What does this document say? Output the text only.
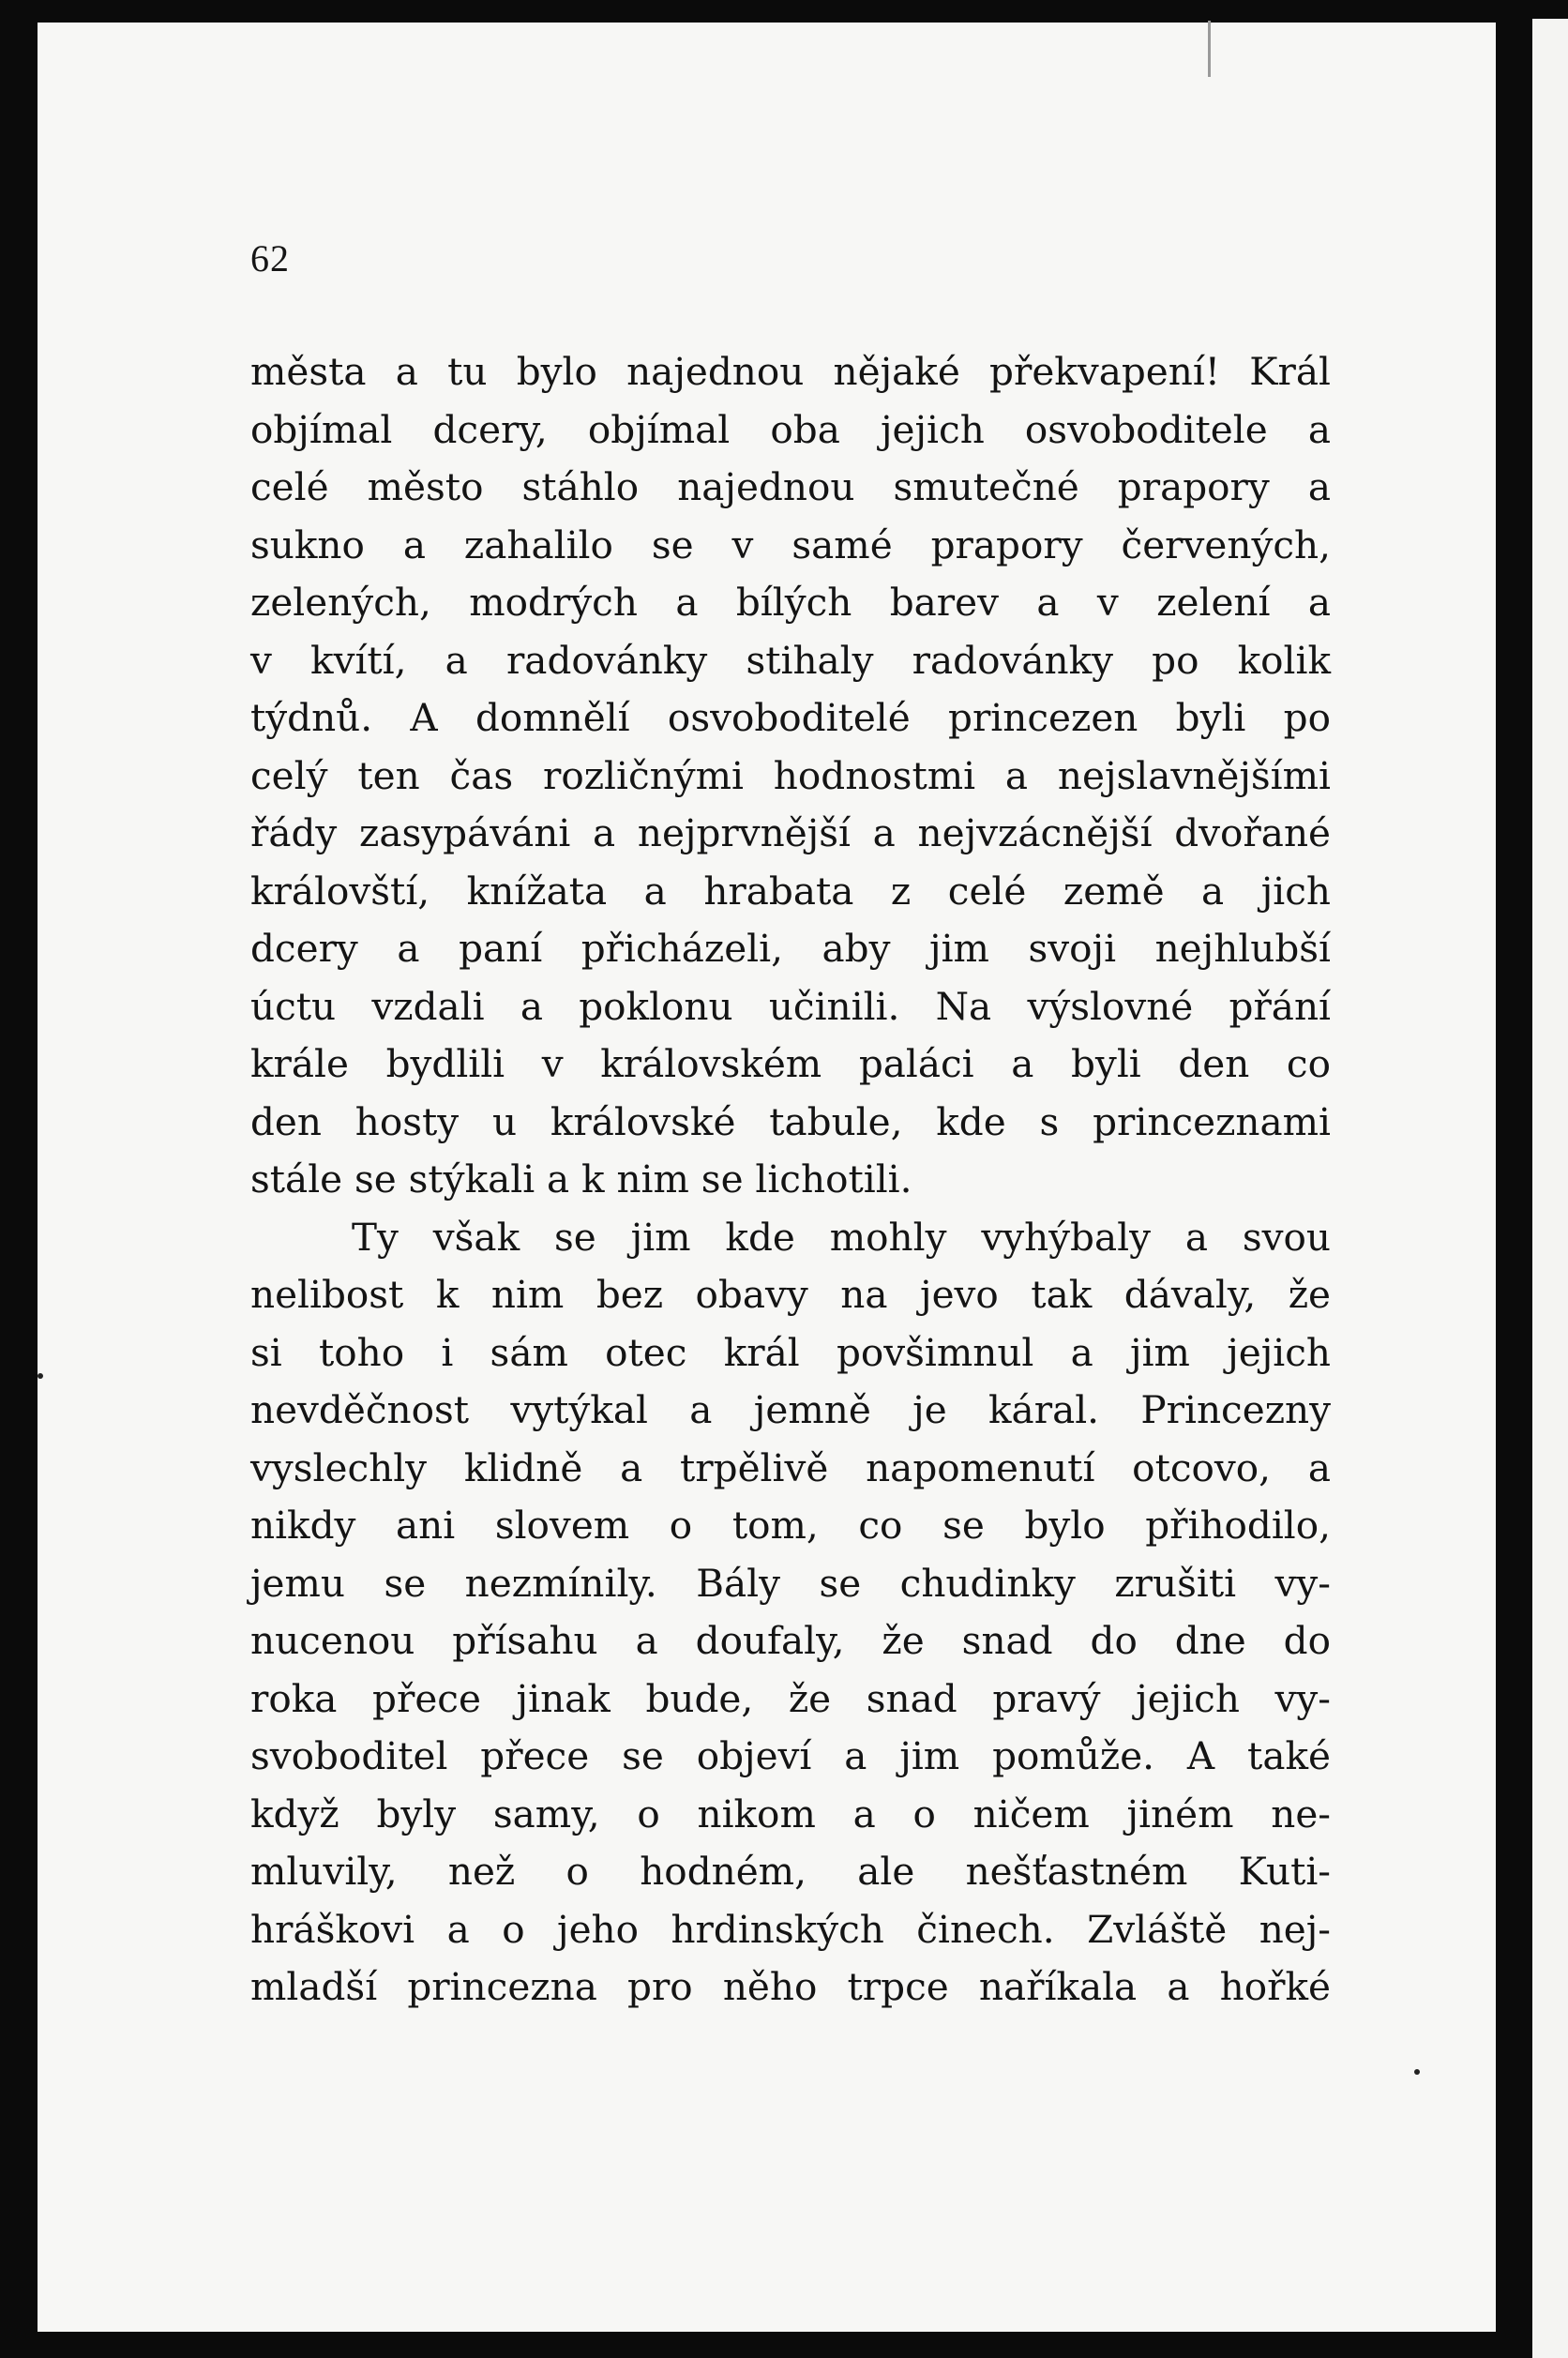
62
města a tu bylo najednou nějaké překvapení! Král
objímal dcery, objímal oba jejich osvoboditele a
celé město stáhlo najednou smutečné prapory a
sukno a zahalilo se v samé prapory červených,
zelených, modrých a bílých barev a v zelení a
v kvítí, a radovánky stihaly radovánky po kolik
týdnů. A domnělí osvoboditelé princezen byli po
celý ten čas rozličnými hodnostmi a nejslavnějšími
řády zasypáváni a nejprvnější a nejvzácnější dvořané
královští, knížata a hrabata z celé země a jich
dcery a paní přicházeli, aby jim svoji nejhlubší
úctu vzdali a poklonu učinili. Na výslovné přání
krále bydlili v královském paláci a byli den co
den hosty u královské tabule, kde s princeznami
stále se stýkali a k nim se lichotili.
Ty však se jim kde mohly vyhýbaly a svou
nelibost k nim bez obavy na jevo tak dávaly, že
si toho i sám otec král povšimnul a jim jejich
nevděčnost vytýkal a jemně je káral. Princezny
vyslechly klidně a trpělivě napomenutí otcovo, a
nikdy ani slovem o tom, co se bylo přihodilo,
jemu se nezmínily. Bály se chudinky zrušiti vy-
nucenou přísahu a doufaly, že snad do dne do
roka přece jinak bude, že snad pravý jejich vy-
svoboditel přece se objeví a jim pomůže. A také
když byly samy, o nikom a o ničem jiném ne-
mluvily, než o hodném, ale nešťastném Kuti-
hráškovi a o jeho hrdinských činech. Zvláště nej-
mladší princezna pro něho trpce naříkala a hořké
